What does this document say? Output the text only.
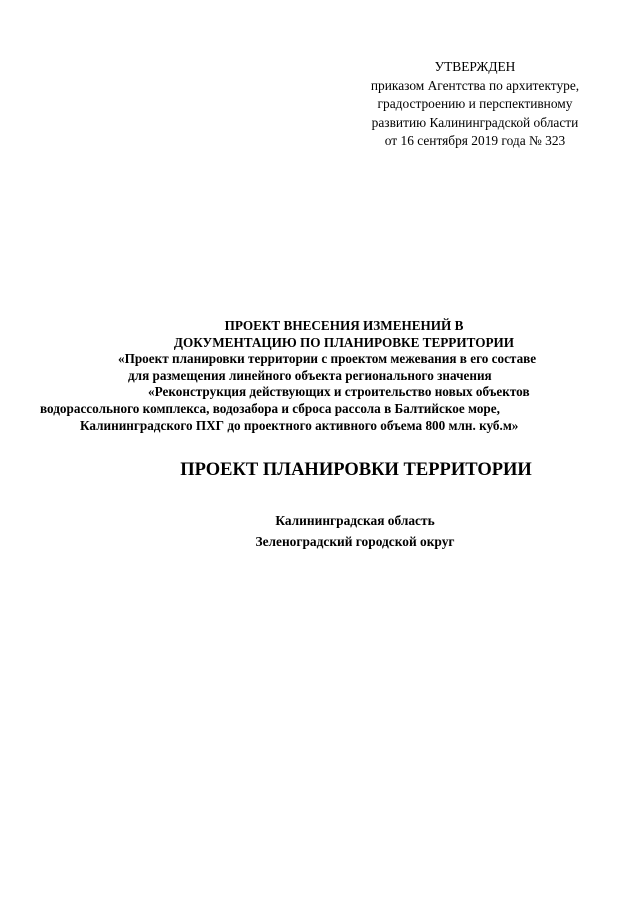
УТВЕРЖДЕН
приказом Агентства по архитектуре,
градостроению и перспективному
развитию Калининградской области
от 16 сентября 2019 года № 323
ПРОЕКТ ВНЕСЕНИЯ ИЗМЕНЕНИЙ В
ДОКУМЕНТАЦИЮ ПО ПЛАНИРОВКЕ ТЕРРИТОРИИ
«Проект планировки территории с проектом межевания в его составе
для размещения линейного объекта регионального значения
«Реконструкция действующих и строительство новых объектов
водорассольного комплекса, водозабора и сброса рассола в Балтийское море,
Калининградского ПХГ до проектного активного объема 800 млн. куб.м»
ПРОЕКТ ПЛАНИРОВКИ ТЕРРИТОРИИ
Калининградская область
Зеленоградский городской округ
